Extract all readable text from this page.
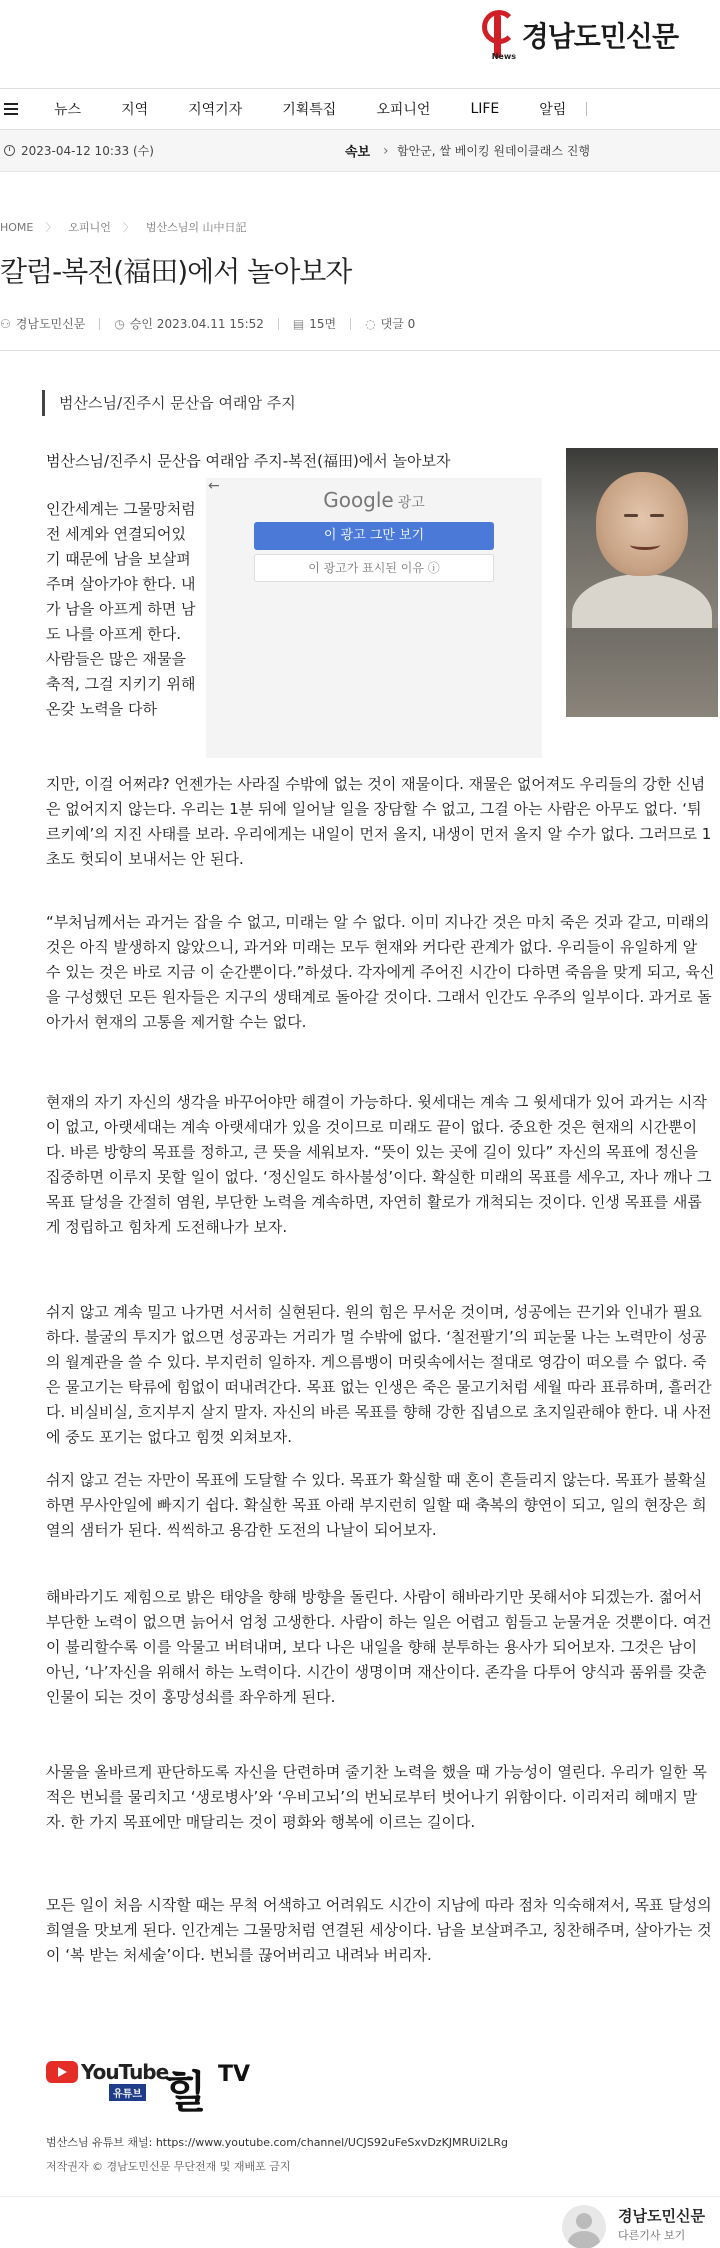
News
경남도민신문
뉴스	지역	지역기자	기획특집	오피니언	LIFE	알림
2023-04-12 10:33 (수)	속보 › 함안군, 쌀 베이킹 원데이클래스 진행
HOME 〉 오피니언 〉 범산스님의 山中日記
칼럼-복전(福田)에서 놀아보자
⚇ 경남도민신문 ◷ 승인 2023.04.11 15:52 ▤ 15면 ◌ 댓글 0
범산스님/진주시 문산읍 여래암 주지
범산스님/진주시 문산읍 여래암 주지-복전(福田)에서 놀아보자
←
Google 광고
이 광고 그만 보기
이 광고가 표시된 이유 ⓘ
인간세계는 그물망처럼 전 세계와 연결되어있기 때문에 남을 보살펴주며 살아가야 한다. 내가 남을 아프게 하면 남도 나를 아프게 한다. 사람들은 많은 재물을 축적, 그걸 지키기 위해 온갖 노력을 다하
지만, 이걸 어쩌랴? 언젠가는 사라질 수밖에 없는 것이 재물이다. 재물은 없어져도 우리들의 강한 신념은 없어지지 않는다. 우리는 1분 뒤에 일어날 일을 장담할 수 없고, 그걸 아는 사람은 아무도 없다. ‘튀르키예’의 지진 사태를 보라. 우리에게는 내일이 먼저 올지, 내생이 먼저 올지 알 수가 없다. 그러므로 1초도 헛되이 보내서는 안 된다.
“부처님께서는 과거는 잡을 수 없고, 미래는 알 수 없다. 이미 지나간 것은 마치 죽은 것과 같고, 미래의 것은 아직 발생하지 않았으니, 과거와 미래는 모두 현재와 커다란 관계가 없다. 우리들이 유일하게 알 수 있는 것은 바로 지금 이 순간뿐이다.”하셨다. 각자에게 주어진 시간이 다하면 죽음을 맞게 되고, 육신을 구성했던 모든 원자들은 지구의 생태계로 돌아갈 것이다. 그래서 인간도 우주의 일부이다. 과거로 돌아가서 현재의 고통을 제거할 수는 없다.
현재의 자기 자신의 생각을 바꾸어야만 해결이 가능하다. 윗세대는 계속 그 윗세대가 있어 과거는 시작이 없고, 아랫세대는 계속 아랫세대가 있을 것이므로 미래도 끝이 없다. 중요한 것은 현재의 시간뿐이다. 바른 방향의 목표를 정하고, 큰 뜻을 세워보자. “뜻이 있는 곳에 길이 있다” 자신의 목표에 정신을 집중하면 이루지 못할 일이 없다. ‘정신일도 하사불성’이다. 확실한 미래의 목표를 세우고, 자나 깨나 그 목표 달성을 간절히 염원, 부단한 노력을 계속하면, 자연히 활로가 개척되는 것이다. 인생 목표를 새롭게 정립하고 힘차게 도전해나가 보자.
쉬지 않고 계속 밀고 나가면 서서히 실현된다. 원의 힘은 무서운 것이며, 성공에는 끈기와 인내가 필요하다. 불굴의 투지가 없으면 성공과는 거리가 멀 수밖에 없다. ‘칠전팔기’의 피눈물 나는 노력만이 성공의 월계관을 쓸 수 있다. 부지런히 일하자. 게으름뱅이 머릿속에서는 절대로 영감이 떠오를 수 없다. 죽은 물고기는 탁류에 힘없이 떠내려간다. 목표 없는 인생은 죽은 물고기처럼 세월 따라 표류하며, 흘러간다. 비실비실, 흐지부지 살지 말자. 자신의 바른 목표를 향해 강한 집념으로 초지일관해야 한다. 내 사전에 중도 포기는 없다고 힘껏 외쳐보자.
쉬지 않고 걷는 자만이 목표에 도달할 수 있다. 목표가 확실할 때 혼이 흔들리지 않는다. 목표가 불확실하면 무사안일에 빠지기 쉽다. 확실한 목표 아래 부지런히 일할 때 축복의 향연이 되고, 일의 현장은 희열의 샘터가 된다. 씩씩하고 용감한 도전의 나날이 되어보자.
해바라기도 제힘으로 밝은 태양을 향해 방향을 돌린다. 사람이 해바라기만 못해서야 되겠는가. 젊어서 부단한 노력이 없으면 늙어서 엄청 고생한다. 사람이 하는 일은 어렵고 힘들고 눈물겨운 것뿐이다. 여건이 불리할수록 이를 악물고 버텨내며, 보다 나은 내일을 향해 분투하는 용사가 되어보자. 그것은 남이 아닌, ‘나’자신을 위해서 하는 노력이다. 시간이 생명이며 재산이다. 존각을 다투어 양식과 품위를 갖춘 인물이 되는 것이 홍망성쇠를 좌우하게 된다.
사물을 올바르게 판단하도록 자신을 단련하며 줄기찬 노력을 했을 때 가능성이 열린다. 우리가 일한 목적은 번뇌를 물리치고 ‘생로병사’와 ‘우비고뇌’의 번뇌로부터 벗어나기 위함이다. 이리저리 헤매지 말자. 한 가지 목표에만 매달리는 것이 평화와 행복에 이르는 길이다.
모든 일이 처음 시작할 때는 무척 어색하고 어려워도 시간이 지남에 따라 점차 익숙해져서, 목표 달성의 희열을 맛보게 된다. 인간계는 그물망처럼 연결된 세상이다. 남을 보살펴주고, 칭찬해주며, 살아가는 것이 ‘복 받는 처세술’이다. 번뇌를 끊어버리고 내려놔 버리자.
YouTube
유튜브 힐 TV
범산스님 유튜브 채널: https://www.youtube.com/channel/UCJS92uFeSxvDzKJMRUi2LRg
저작권자 © 경남도민신문 무단전재 및 재배포 금지
경남도민신문
다른기사 보기
